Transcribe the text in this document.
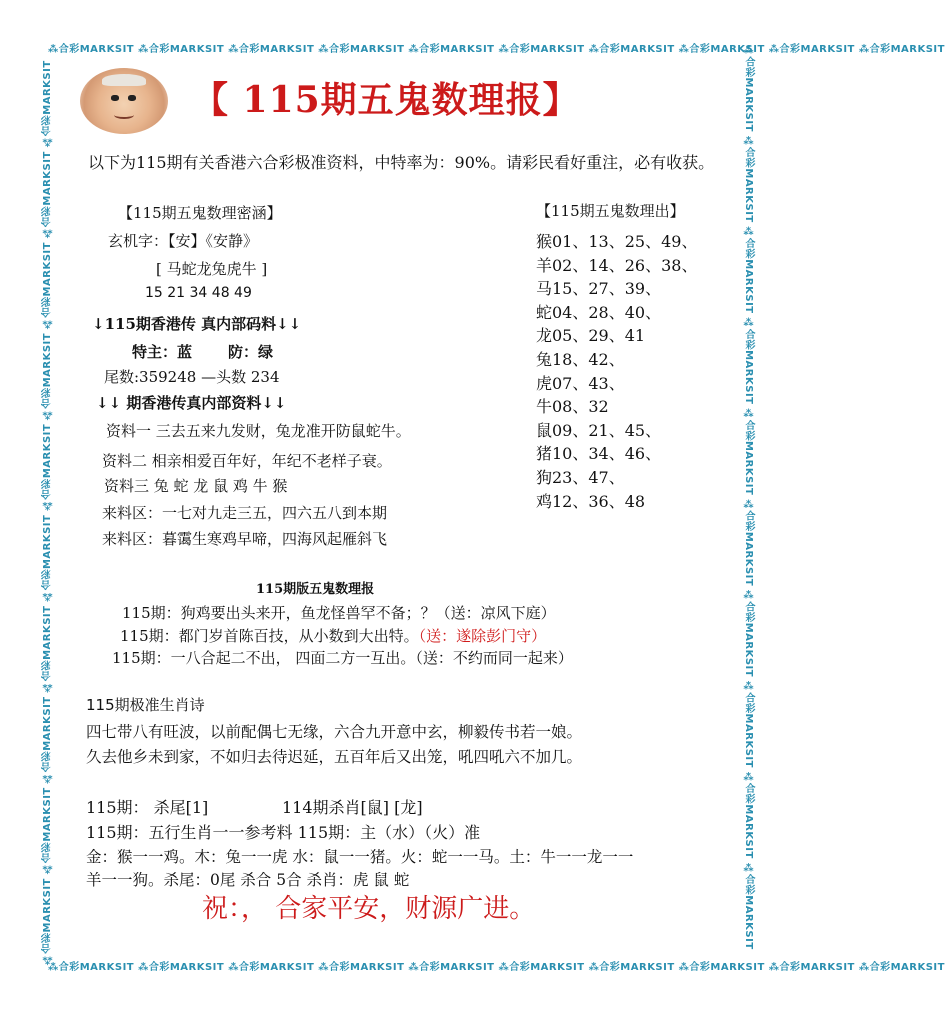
⁂合彩MARKSIT ⁂合彩MARKSIT ⁂合彩MARKSIT ⁂合彩MARKSIT ⁂合彩MARKSIT ⁂合彩MARKSIT ⁂合彩MARKSIT ⁂合彩MARKSIT ⁂合彩MARKSIT ⁂合彩MARKSIT
⁂合彩MARKSIT ⁂合彩MARKSIT ⁂合彩MARKSIT ⁂合彩MARKSIT ⁂合彩MARKSIT ⁂合彩MARKSIT ⁂合彩MARKSIT ⁂合彩MARKSIT ⁂合彩MARKSIT ⁂合彩MARKSIT
⁂合彩MARKSIT ⁂合彩MARKSIT ⁂合彩MARKSIT ⁂合彩MARKSIT ⁂合彩MARKSIT ⁂合彩MARKSIT ⁂合彩MARKSIT ⁂合彩MARKSIT ⁂合彩MARKSIT ⁂合彩MARKSIT	⁂合彩MARKSIT ⁂合彩MARKSIT ⁂合彩MARKSIT ⁂合彩MARKSIT ⁂合彩MARKSIT ⁂合彩MARKSIT ⁂合彩MARKSIT ⁂合彩MARKSIT ⁂合彩MARKSIT ⁂合彩MARKSIT
【 115期五鬼数理报】
以下为115期有关香港六合彩极准资料，中特率为：90%。请彩民看好重注，必有收获。
【115期五鬼数理密涵】
玄机字：【安】《安静》
[ 马蛇龙兔虎牛 ]
15 21 34 48 49
↓115期香港传 真内部码料↓↓
特主：蓝 防：绿
尾数:359248 —头数 234
↓↓ 期香港传真内部资料↓↓
资料一 三去五来九发财，兔龙准开防鼠蛇牛。
资料二 相亲相爱百年好，年纪不老样子衰。
资料三 兔 蛇 龙 鼠 鸡 牛 猴
来料区：一七对九走三五，四六五八到本期
来料区：暮霭生寒鸡早啼，四海风起雁斜飞
【115期五鬼数理出】
猴01、13、25、49、
羊02、14、26、38、
马15、27、39、
蛇04、28、40、
龙05、29、41
兔18、42、
虎07、43、
牛08、32
鼠09、21、45、
猪10、34、46、
狗23、47、
鸡12、36、48
115期版五鬼数理报
115期：狗鸡要出头来开，鱼龙怪兽罕不备；？（送：凉风下庭）
115期：都门岁首陈百技，从小数到大出特。（送：遂除彭门守）
115期：一八合起二不出， 四面二方一互出。（送：不约而同一起来）
115期极准生肖诗
四七带八有旺波，以前配偶七无缘，六合九开意中玄，柳毅传书若一娘。
久去他乡未到家，不如归去待迟延，五百年后又出笼，吼四吼六不加几。
115期： 杀尾[1]	114期杀肖[鼠] [龙]
115期：五行生肖一一参考料 115期：主（水）（火）准
金：猴一一鸡。木：兔一一虎 水：鼠一一猪。火：蛇一一马。土：牛一一龙一一
羊一一狗。杀尾：0尾 杀合 5合 杀肖：虎 鼠 蛇
祝：， 合家平安，财源广进。
